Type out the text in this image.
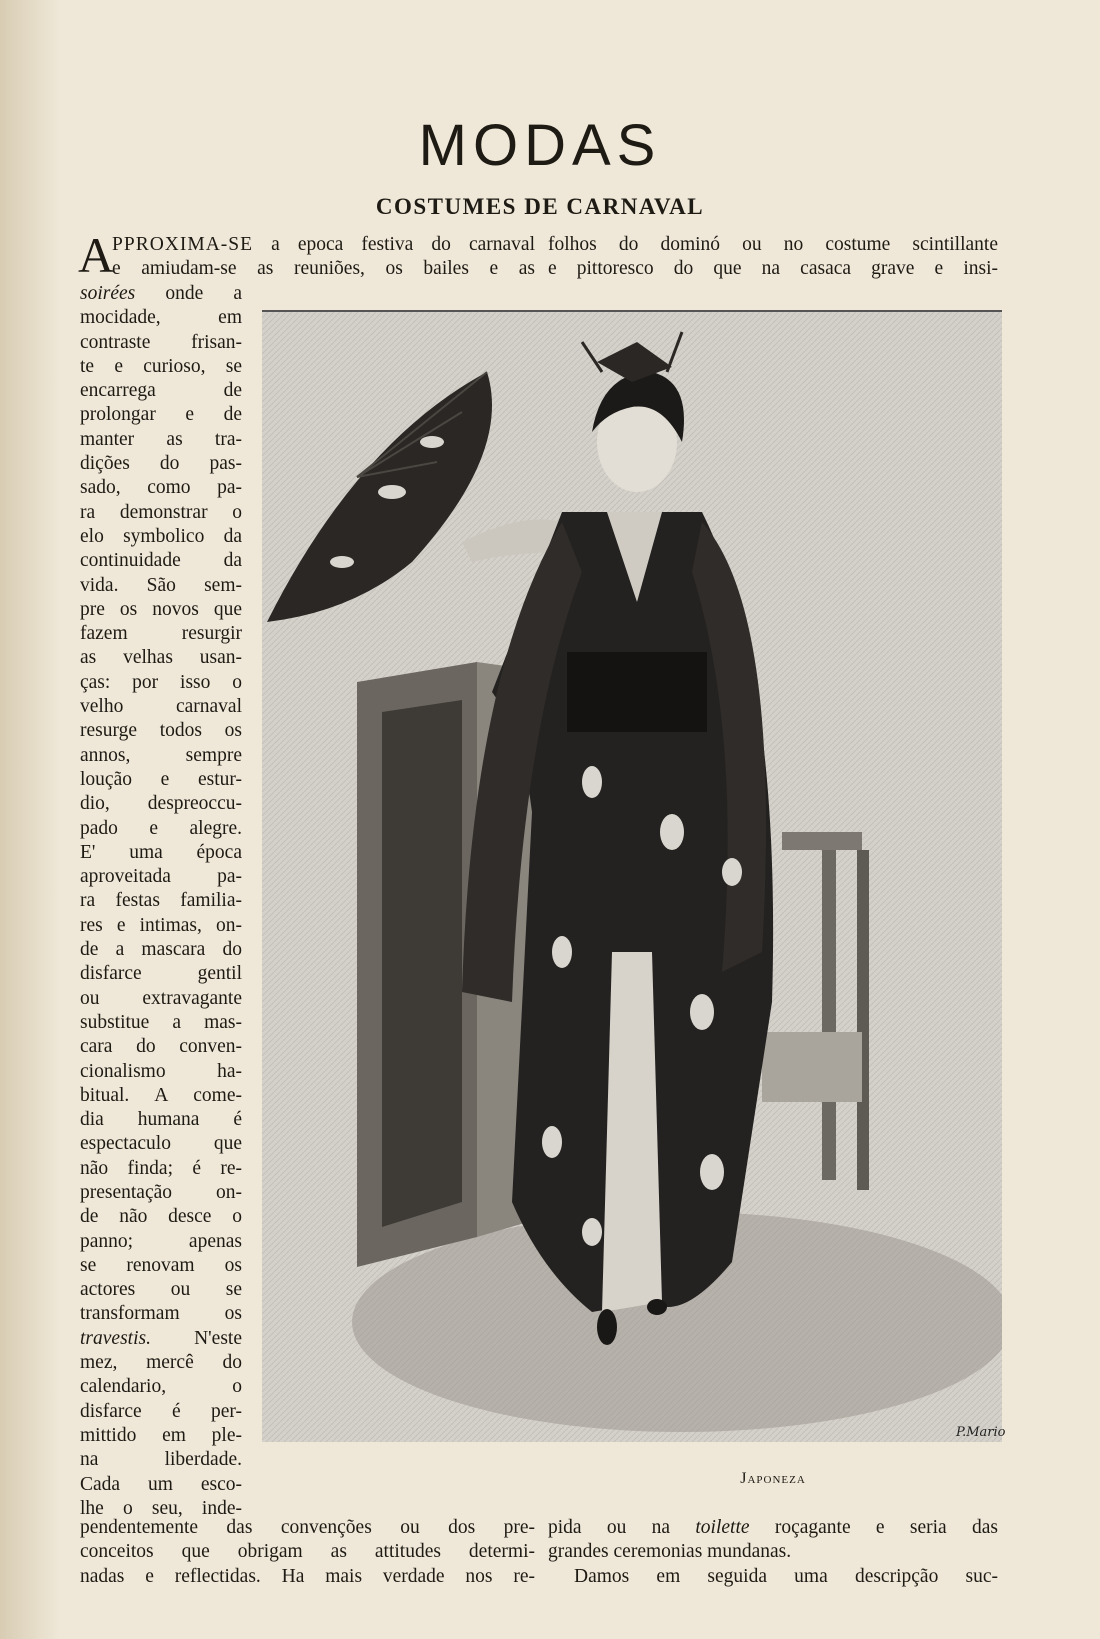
MODAS
COSTUMES DE CARNAVAL
A

PPROXIMA-SE a epoca festiva do carnaval
e amiudam-se as reuniões, os bailes e as

soirées onde a
mocidade, em
contraste frisan-
te e curioso, se
encarrega de
prolongar e de
manter as tra-
dições do pas-
sado, como pa-
ra demonstrar o
elo symbolico da
continuidade da
vida. São sem-
pre os novos que
fazem resurgir
as velhas usan-
ças: por isso o
velho carnaval
resurge todos os
annos, sempre
loução e estur-
dio, despreoccu-
pado e alegre.
E' uma época
aproveitada pa-
ra festas familia-
res e intimas, on-
de a mascara do
disfarce gentil
ou extravagante
substitue a mas-
cara do conven-
cionalismo ha-
bitual. A come-
dia humana é
espectaculo que
não finda; é re-
presentação on-
de não desce o
panno; apenas
se renovam os
actores ou se
transformam os
travestis. N'este
mez, mercê do
calendario, o
disfarce é per-
mittido em ple-
na liberdade.
Cada um esco-
lhe o seu, inde-

folhos do dominó ou no costume scintillante
e pittoresco do que na casaca grave e insi-

P.Mario

Japoneza

pendentemente das convenções ou dos pre-
conceitos que obrigam as attitudes determi-
nadas e reflectidas. Ha mais verdade nos re-

pida ou na toilette roçagante e seria das
grandes ceremonias mundanas.
Damos em seguida uma descripção suc-
